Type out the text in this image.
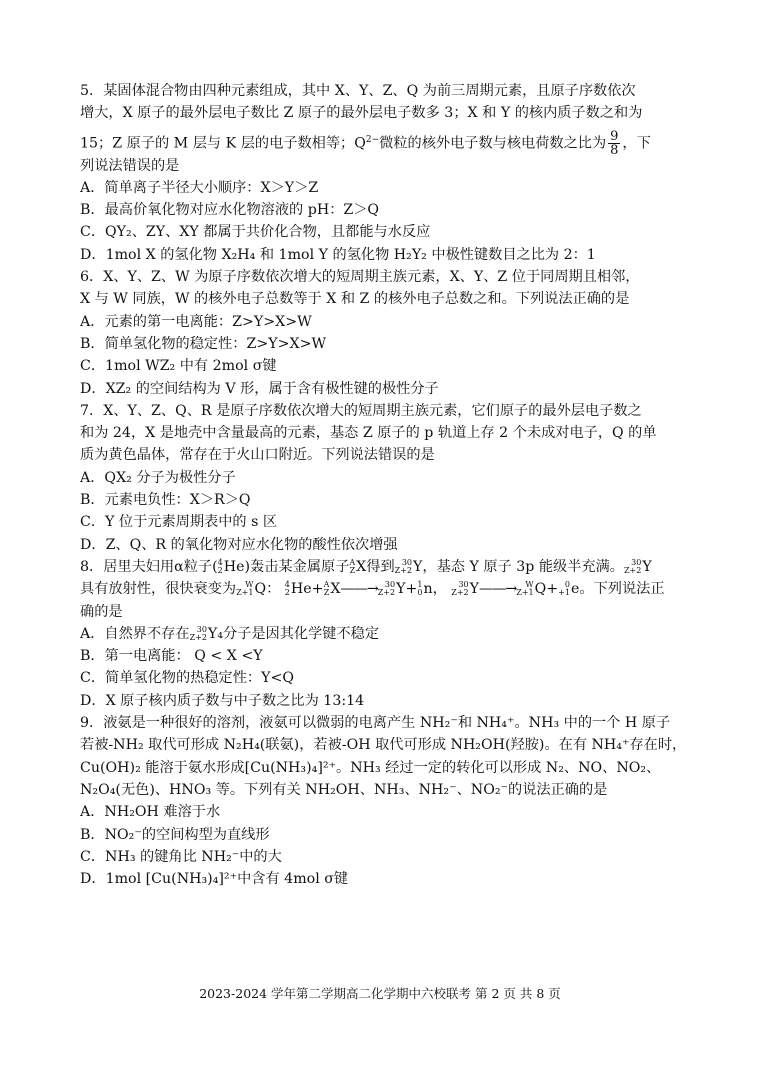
5．某固体混合物由四种元素组成，其中 X、Y、Z、Q 为前三周期元素，且原子序数依次
增大，X 原子的最外层电子数比 Z 原子的最外层电子数多 3；X 和 Y 的核内质子数之和为
15；Z 原子的 M 层与 K 层的电子数相等；$Q^{2-}$微粒的核外电子数与核电荷数之比为 $\frac{9}{8}$ ，下
列说法错误的是
A．简单离子半径大小顺序：X＞Y＞Z
B．最高价氧化物对应水化物溶液的 pH：Z＞Q
C．QY₂、ZY、XY 都属于共价化合物，且都能与水反应
D．1mol X 的氢化物 X₂H₄ 和 1mol Y 的氢化物 H₂Y₂ 中极性键数目之比为 2：1
6．X、Y、Z、W 为原子序数依次增大的短周期主族元素，X、Y、Z 位于同周期且相邻，
X 与 W 同族，W 的核外电子总数等于 X 和 Z 的核外电子总数之和。下列说法正确的是
A．元素的第一电离能：Z>Y>X>W
B．简单氢化物的稳定性：Z>Y>X>W
C．1mol WZ₂ 中有 2mol σ键
D．XZ₂ 的空间结构为 V 形，属于含有极性键的极性分子
7．X、Y、Z、Q、R 是原子序数依次增大的短周期主族元素，它们原子的最外层电子数之
和为 24，X 是地壳中含量最高的元素，基态 Z 原子的 p 轨道上存 2 个未成对电子，Q 的单
质为黄色晶体，常存在于火山口附近。下列说法错误的是
A．QX₂ 分子为极性分子
B．元素电负性：X＞R＞Q
C．Y 位于元素周期表中的 s 区
D．Z、Q、R 的氧化物对应水化物的酸性依次增强
8．居里夫妇用α粒子( 4
2 He)轰击某金属原子 A
Z X得到 30
Z+2 Y，基态 Y 原子 3p 能级半充满。 30
Z+2 Y
具有放射性，很快衰变为	W
Z+1 Q： 4
2 He+ A
Z X——→ 30
Z+2 Y+ 1
0 n， 30
Z+2 Y——→	W
Z+1 Q+ 0
+1 e。下列说法正
确的是
A．自然界不存在 30
Z+2 Y₄分子是因其化学键不稳定
B．第一电离能： Q < X <Y
C．简单氢化物的热稳定性：Y<Q
D．X 原子核内质子数与中子数之比为 13:14
9．液氨是一种很好的溶剂，液氨可以微弱的电离产生 NH₂⁻和 NH₄⁺。NH₃ 中的一个 H 原子
若被-NH₂ 取代可形成 N₂H₄(联氨)，若被-OH 取代可形成 NH₂OH(羟胺)。在有 NH₄⁺存在时，
Cu(OH)₂ 能溶于氨水形成[Cu(NH₃)₄]²⁺。NH₃ 经过一定的转化可以形成 N₂、NO、NO₂、
N₂O₄(无色)、HNO₃ 等。下列有关 NH₂OH、NH₃、NH₂⁻、NO₂⁻的说法正确的是
A．NH₂OH 难溶于水
B．NO₂⁻的空间构型为直线形
C．NH₃ 的键角比 NH₂⁻中的大
D．1mol [Cu(NH₃)₄]²⁺中含有 4mol σ键
2023-2024 学年第二学期高二化学期中六校联考 第 2 页 共 8 页
